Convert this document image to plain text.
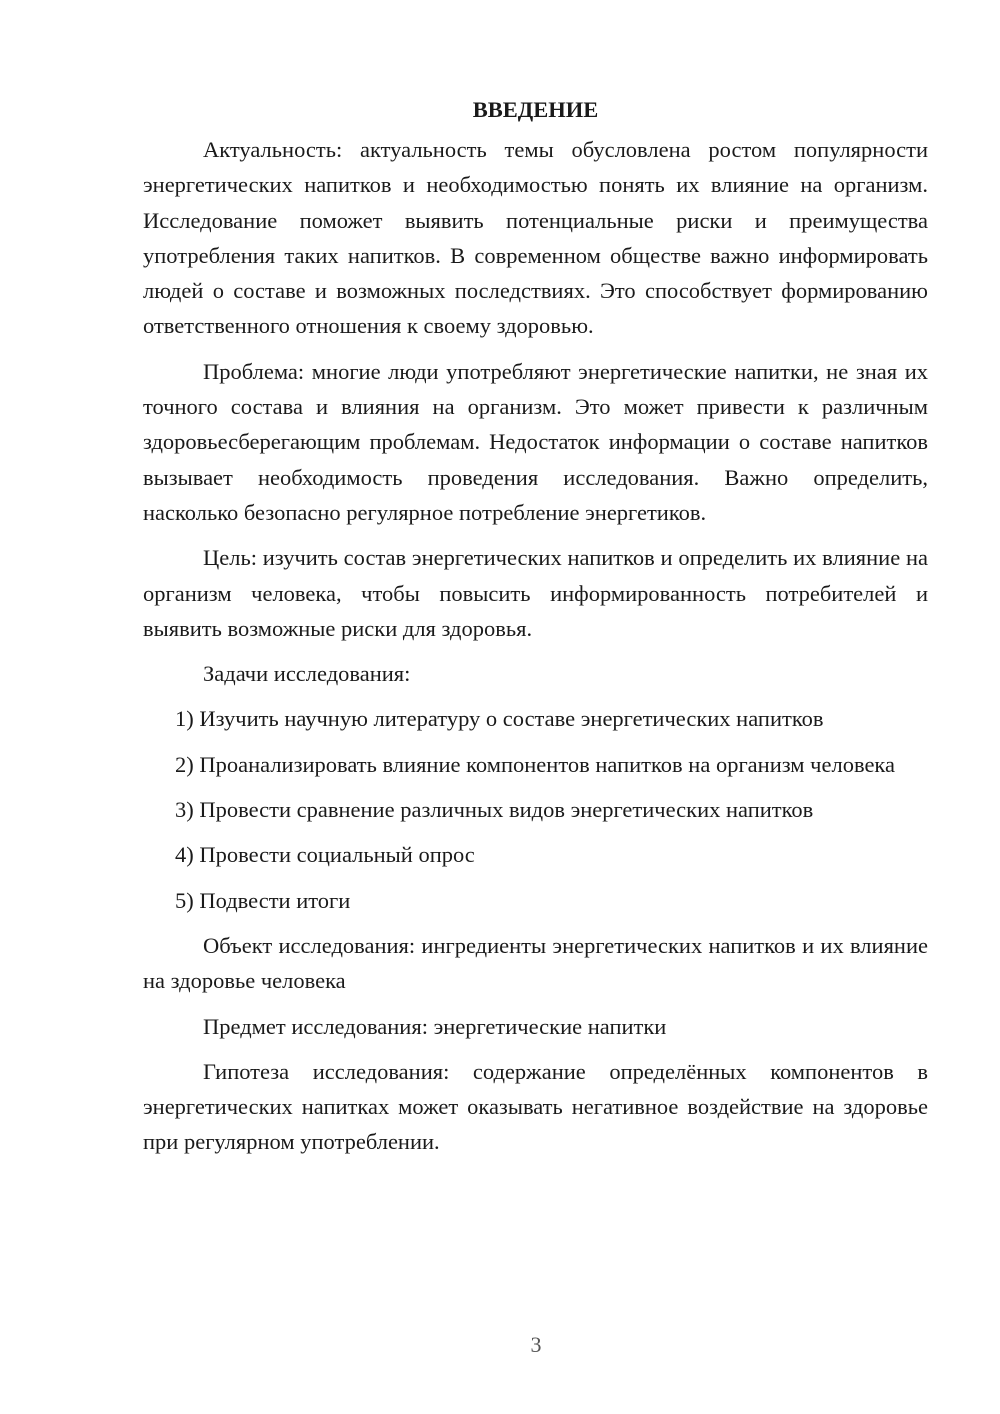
ВВЕДЕНИЕ

Актуальность: актуальность темы обусловлена ростом популярности энергетических напитков и необходимостью понять их влияние на организм. Исследование поможет выявить потенциальные риски и преимущества употребления таких напитков. В современном обществе важно информировать людей о составе и возможных последствиях. Это способствует формированию ответственного отношения к своему здоровью.

Проблема: многие люди употребляют энергетические напитки, не зная их точного состава и влияния на организм. Это может привести к различным здоровьесберегающим проблемам. Недостаток информации о составе напитков вызывает необходимость проведения исследования. Важно определить, насколько безопасно регулярное потребление энергетиков.

Цель: изучить состав энергетических напитков и определить их влияние на организм человека, чтобы повысить информированность потребителей и выявить возможные риски для здоровья.

Задачи исследования:

1) Изучить научную литературу о составе энергетических напитков

2) Проанализировать влияние компонентов напитков на организм человека

3) Провести сравнение различных видов энергетических напитков

4) Провести социальный опрос

5) Подвести итоги

Объект исследования: ингредиенты энергетических напитков и их влияние на здоровье человека

Предмет исследования: энергетические напитки

Гипотеза исследования: содержание определённых компонентов в энергетических напитках может оказывать негативное воздействие на здоровье при регулярном употреблении.

3
